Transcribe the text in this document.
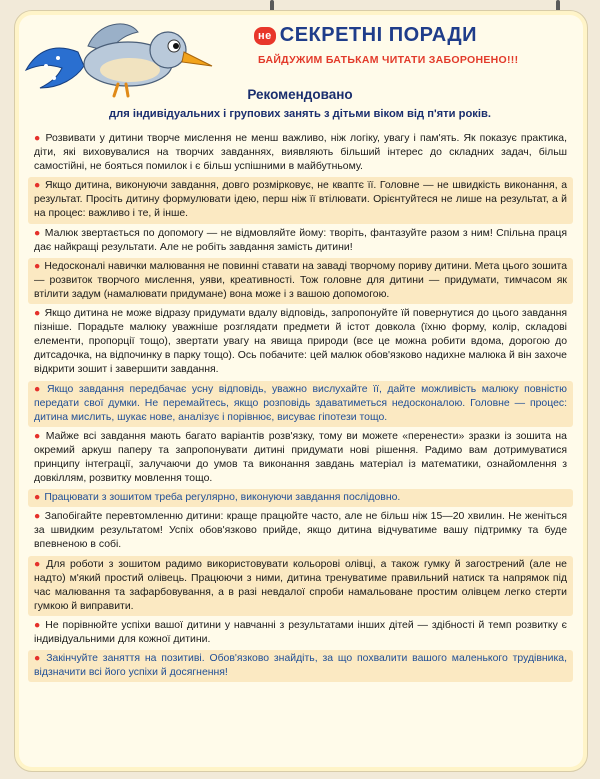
не СЕКРЕТНІ ПОРАДИ
БАЙДУЖИМ БАТЬКАМ ЧИТАТИ ЗАБОРОНЕНО!!!
Рекомендовано
для індивідуальних і групових занять з дітьми віком від п'яти років.
● Розвивати у дитини творче мислення не менш важливо, ніж логіку, увагу і пам'ять. Як показує практика, діти, які виховувалися на творчих завданнях, виявляють більший інтерес до складних задач, більш самостійні, не бояться помилок і є більш успішними в майбутньому.
● Якщо дитина, виконуючи завдання, довго розмірковує, не кваптє її. Головне — не швидкість виконання, а результат. Просіть дитину формулювати ідею, перш ніж її втілювати. Орієнтуйтеся не лише на результат, а й на процес: важливо і те, й інше.
● Малюк звертається по допомогу — не відмовляйте йому: творіть, фантазуйте разом з ним! Спільна праця дає найкращі результати. Але не робіть завдання замість дитини!
● Недосконалі навички малювання не повинні ставати на заваді творчому пориву дитини. Мета цього зошита — розвиток творчого мислення, уяви, креативності. Тож головне для дитини — придумати, тимчасом як втілити задум (намалювати придумане) вона може і з вашою допомогою.
● Якщо дитина не може відразу придумати вдалу відповідь, запропонуйте їй повернутися до цього завдання пізніше. Порадьте малюку уважніше розглядати предмети й істот довкола (їхню форму, колір, складові елементи, пропорції тощо), звертати увагу на явища природи (все це можна робити вдома, дорогою до дитсадочка, на відпочинку в парку тощо). Ось побачите: цей малюк обов'язково надихне малюка й він захоче відкрити зошит і завершити завдання.
● Якщо завдання передбачає усну відповідь, уважно вислухайте її, дайте можливість малюку повністю передати свої думки. Не перемайтесь, якщо розповідь здаватиметься недосконалою. Головне — процес: дитина мислить, шукає нове, аналізує і порівнює, висуває гіпотези тощо.
● Майже всі завдання мають багато варіантів розв'язку, тому ви можете «перенести» зразки із зошита на окремий аркуш паперу та запропонувати дитині придумати нові рішення. Радимо вам дотримуватися принципу інтеграції, залучаючи до умов та виконання завдань матеріал із математики, ознайомлення з довкіллям, розвитку мовлення тощо.
● Працювати з зошитом треба регулярно, виконуючи завдання послідовно.
● Запобігайте перевтомленню дитини: краще працюйте часто, але не більш ніж 15—20 хвилин. Не женіться за швидким результатом! Успіх обов'язково прийде, якщо дитина відчуватиме вашу підтримку та буде впевненою в собі.
● Для роботи з зошитом радимо використовувати кольорові олівці, а також гумку й загострений (але не надто) м'який простий олівець. Працюючи з ними, дитина тренуватиме правильний натиск та напрямок під час малювання та зафарбовування, а в разі невдалої спроби намальоване простим олівцем легко стерти гумкою й виправити.
● Не порівнюйте успіхи вашої дитини у навчанні з результатами інших дітей — здібності й темп розвитку є індивідуальними для кожної дитини.
● Закінчуйте заняття на позитиві. Обов'язково знайдіть, за що похвалити вашого маленького трудівника, відзначити всі його успіхи й досягнення!
